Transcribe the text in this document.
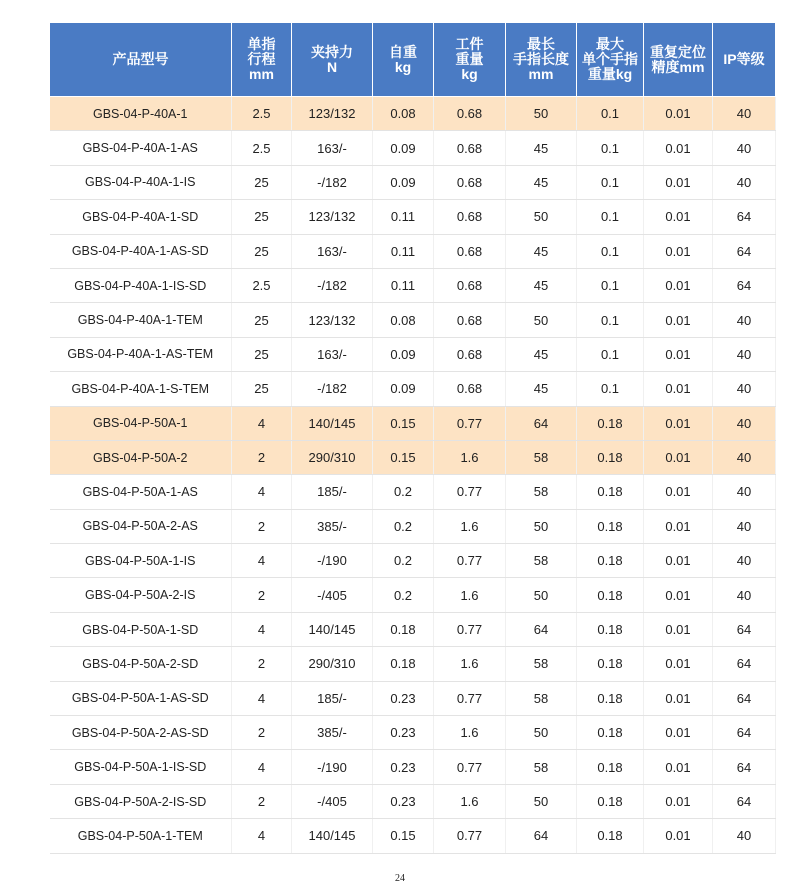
产品型号	单指
行程
mm	夹持力
N	自重
kg	工件
重量
kg	最长
手指长度
mm	最大
单个手指
重量kg	重复定位
精度mm	IP等级
GBS-04-P-40A-1	2.5	123/132	0.08	0.68	50	0.1	0.01	40
GBS-04-P-40A-1-AS	2.5	163/-	0.09	0.68	45	0.1	0.01	40
GBS-04-P-40A-1-IS	25	-/182	0.09	0.68	45	0.1	0.01	40
GBS-04-P-40A-1-SD	25	123/132	0.11	0.68	50	0.1	0.01	64
GBS-04-P-40A-1-AS-SD	25	163/-	0.11	0.68	45	0.1	0.01	64
GBS-04-P-40A-1-IS-SD	2.5	-/182	0.11	0.68	45	0.1	0.01	64
GBS-04-P-40A-1-TEM	25	123/132	0.08	0.68	50	0.1	0.01	40
GBS-04-P-40A-1-AS-TEM	25	163/-	0.09	0.68	45	0.1	0.01	40
GBS-04-P-40A-1-S-TEM	25	-/182	0.09	0.68	45	0.1	0.01	40
GBS-04-P-50A-1	4	140/145	0.15	0.77	64	0.18	0.01	40
GBS-04-P-50A-2	2	290/310	0.15	1.6	58	0.18	0.01	40
GBS-04-P-50A-1-AS	4	185/-	0.2	0.77	58	0.18	0.01	40
GBS-04-P-50A-2-AS	2	385/-	0.2	1.6	50	0.18	0.01	40
GBS-04-P-50A-1-IS	4	-/190	0.2	0.77	58	0.18	0.01	40
GBS-04-P-50A-2-IS	2	-/405	0.2	1.6	50	0.18	0.01	40
GBS-04-P-50A-1-SD	4	140/145	0.18	0.77	64	0.18	0.01	64
GBS-04-P-50A-2-SD	2	290/310	0.18	1.6	58	0.18	0.01	64
GBS-04-P-50A-1-AS-SD	4	185/-	0.23	0.77	58	0.18	0.01	64
GBS-04-P-50A-2-AS-SD	2	385/-	0.23	1.6	50	0.18	0.01	64
GBS-04-P-50A-1-IS-SD	4	-/190	0.23	0.77	58	0.18	0.01	64
GBS-04-P-50A-2-IS-SD	2	-/405	0.23	1.6	50	0.18	0.01	64
GBS-04-P-50A-1-TEM	4	140/145	0.15	0.77	64	0.18	0.01	40
24
